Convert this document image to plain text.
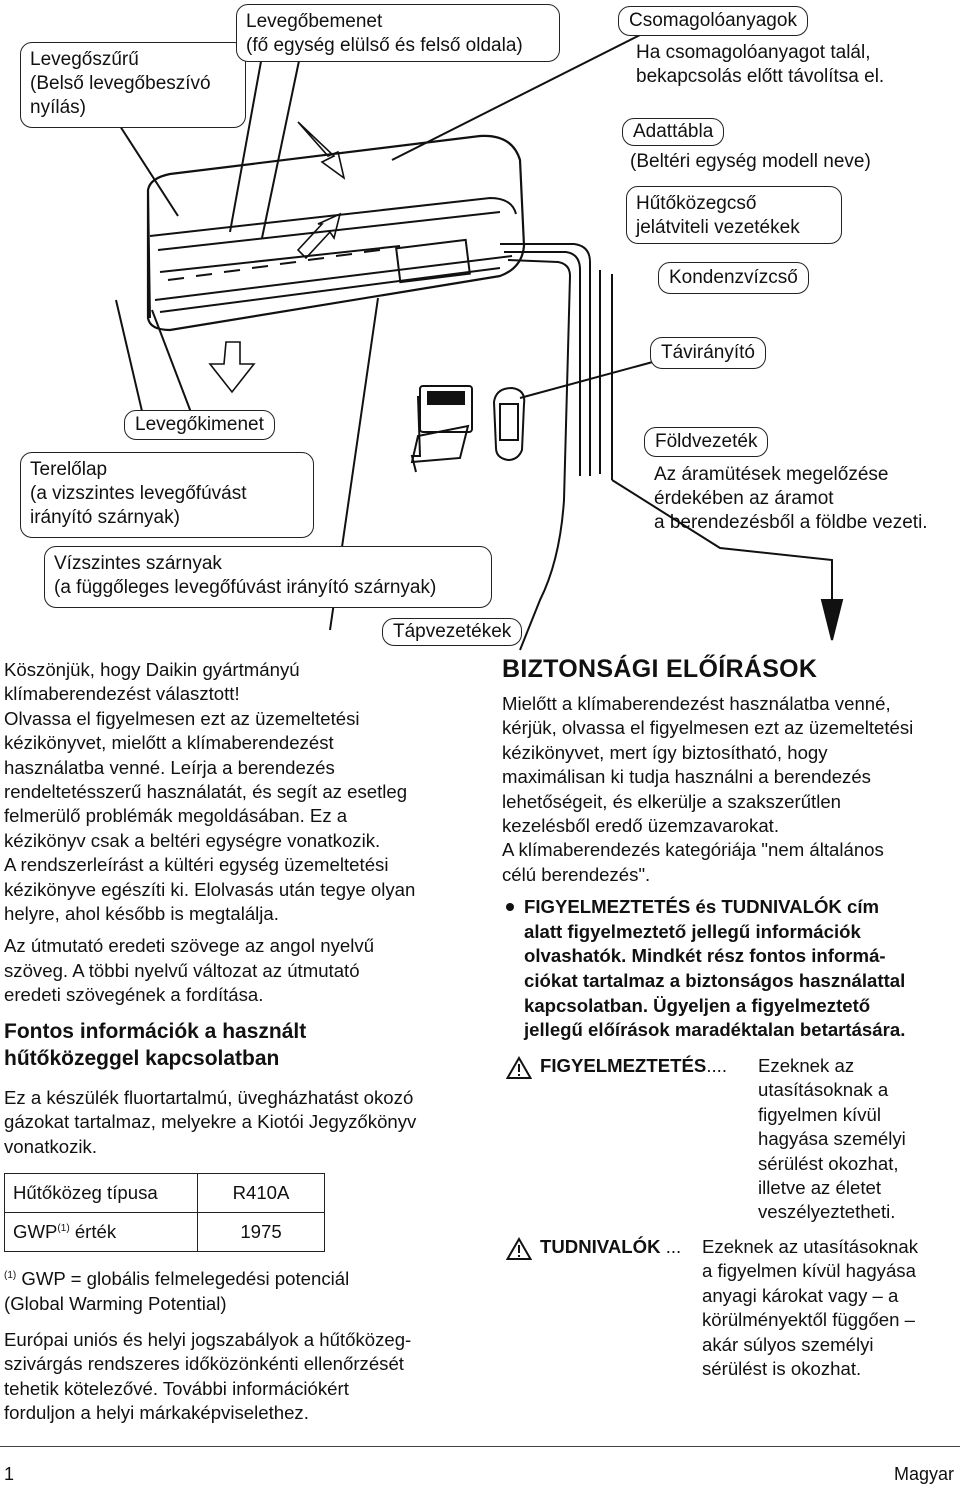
Levegőszűrű
(Belső levegőbeszívó
nyílás)
Levegőbemenet
(fő egység elülső és felső oldala)
Csomagolóanyagok
Ha csomagolóanyagot talál,
bekapcsolás előtt távolítsa el.
Adattábla
(Beltéri egység modell neve)
Hűtőközegcső
jelátviteli vezetékek
Kondenzvízcső
Távirányító
Levegőkimenet
Terelőlap
(a vizszintes levegőfúvást
irányító szárnyak)
Földvezeték
Az áramütések megelőzése
érdekében az áramot
a berendezésből a földbe vezeti.
Vízszintes szárnyak
(a függőleges levegőfúvást irányító szárnyak)
Tápvezetékek

Köszönjük, hogy Daikin gyártmányú
klímaberendezést választott!
Olvassa el figyelmesen ezt az üzemeltetési
kézikönyvet, mielőtt a klímaberendezést
használatba venné. Leírja a berendezés
rendeltetésszerű használatát, és segít az esetleg
felmerülő problémák megoldásában. Ez a
kézikönyv csak a beltéri egységre vonatkozik.
A rendszerleírást a kültéri egység üzemeltetési
kézikönyve egészíti ki. Elolvasás után tegye olyan
helyre, ahol később is megtalálja.

Az útmutató eredeti szövege az angol nyelvű
szöveg. A többi nyelvű változat az útmutató
eredeti szövegének a fordítása.

Fontos információk a használt
hűtőközeggel kapcsolatban

Ez a készülék fluortartalmú, üvegházhatást okozó
gázokat tartalmaz, melyekre a Kiotói Jegyzőkönyv
vonatkozik.

Hűtőközeg típusa	R410A
GWP$^{(1)}$ érték	1975

$^{(1)}$ GWP = globális felmelegedési potenciál
(Global Warming Potential)

Európai uniós és helyi jogszabályok a hűtőközeg-
szivárgás rendszeres időközönkénti ellenőrzését
tehetik kötelezővé. További információkért
forduljon a helyi márkaképviselethez.

BIZTONSÁGI ELŐÍRÁSOK

Mielőtt a klímaberendezést használatba venné,
kérjük, olvassa el figyelmesen ezt az üzemeltetési
kézikönyvet, mert így biztosítható, hogy
maximálisan ki tudja használni a berendezés
lehetőségeit, és elkerülje a szakszerűtlen
kezelésből eredő üzemzavarokat.
A klímaberendezés kategóriája "nem általános
célú berendezés".

FIGYELMEZTETÉS és TUDNIVALÓK cím
alatt figyelmeztető jellegű információk
olvashatók. Mindkét rész fontos informá-
ciókat tartalmaz a biztonságos használattal
kapcsolatban. Ügyeljen a figyelmeztető
jellegű előírások maradéktalan betartására.
FIGYELMEZTETÉS.... Ezeknek az
utasításoknak a
figyelmen kívül
hagyása személyi
sérülést okozhat,
illetve az életet
veszélyeztetheti.
TUDNIVALÓK ... Ezeknek az utasításoknak
a figyelmen kívül hagyása
anyagi károkat vagy – a
körülményektől függően –
akár súlyos személyi
sérülést is okozhat.
1	Magyar
